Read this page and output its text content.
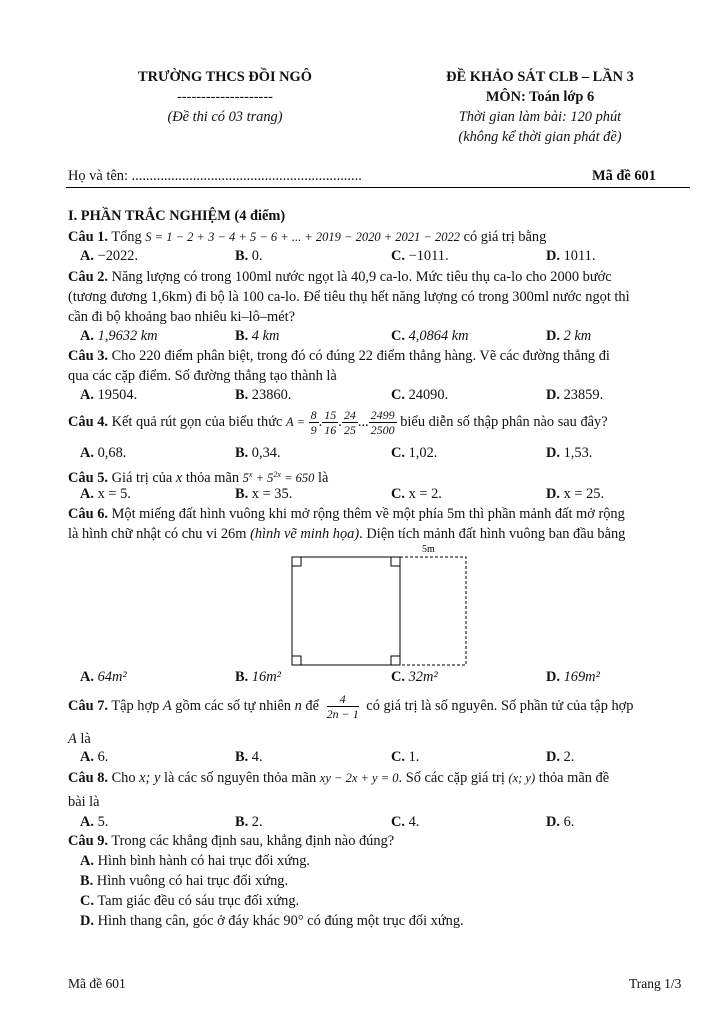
TRƯỜNG THCS ĐỒI NGÔ
--------------------
(Đề thi có 03 trang)
ĐỀ KHẢO SÁT CLB – LẦN 3
MÔN: Toán lớp 6
Thời gian làm bài: 120 phút
(không kể thời gian phát đề)
Họ và tên: ................................................................	Mã đề 601
I. PHẦN TRẮC NGHIỆM (4 điểm)
Câu 1. Tổng S = 1 − 2 + 3 − 4 + 5 − 6 + ... + 2019 − 2020 + 2021 − 2022 có giá trị bằng
A. −2022.	B. 0.	C. −1011.	D. 1011.
Câu 2. Năng lượng có trong 100ml nước ngọt là 40,9 ca-lo. Mức tiêu thụ ca-lo cho 2000 bước
(tương đương 1,6km) đi bộ là 100 ca-lo. Để tiêu thụ hết năng lượng có trong 300ml nước ngọt thì
cần đi bộ khoảng bao nhiêu ki–lô–mét?
A. 1,9632 km	B. 4 km	C. 4,0864 km	D. 2 km
Câu 3. Cho 220 điểm phân biệt, trong đó có đúng 22 điểm thẳng hàng. Vẽ các đường thẳng đi
qua các cặp điểm. Số đường thẳng tạo thành là
A. 19504.	B. 23860.	C. 24090.	D. 23859.
Câu 4. Kết quả rút gọn của biểu thức $A = \frac{8}{9}$ . $\frac{15}{16}$ . $\frac{24}{25}$ ... $\frac{2499}{2500}$ biểu diễn số thập phân nào sau đây?
A. 0,68.	B. 0,34.	C. 1,02.	D. 1,53.
Câu 5. Giá trị của x thỏa mãn $5^x + 5^{2x} = 650$ là
A. x = 5.	B. x = 35.	C. x = 2.	D. x = 25.
Câu 6. Một miếng đất hình vuông khi mở rộng thêm về một phía 5m thì phần mảnh đất mở rộng
là hình chữ nhật có chu vi 26m (hình vẽ minh họa). Diện tích mảnh đất hình vuông ban đầu bằng
5m
A. 64m²	B. 16m²	C. 32m²	D. 169m²
Câu 7. Tập hợp A gồm các số tự nhiên n để $\frac{4}{2n - 1}$ có giá trị là số nguyên. Số phần tử của tập hợp
A là
A. 6.	B. 4.	C. 1.	D. 2.
Câu 8. Cho x; y là các số nguyên thỏa mãn xy − 2x + y = 0. Số các cặp giá trị (x; y) thỏa mãn đề
bài là
A. 5.	B. 2.	C. 4.	D. 6.
Câu 9. Trong các khẳng định sau, khẳng định nào đúng?
A. Hình bình hành có hai trục đối xứng.
B. Hình vuông có hai trục đối xứng.
C. Tam giác đều có sáu trục đối xứng.
D. Hình thang cân, góc ở đáy khác 90° có đúng một trục đối xứng.
Mã đề 601	Trang 1/3
